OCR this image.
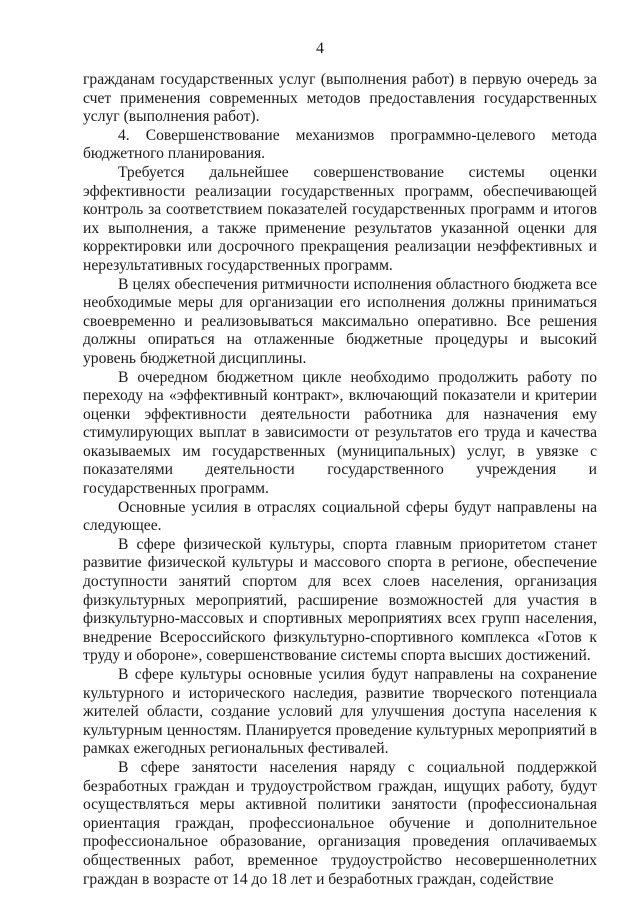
4

гражданам государственных услуг (выполнения работ) в первую очередь за счет применения современных методов предоставления государственных услуг (выполнения работ).

4. Совершенствование механизмов программно-целевого метода бюджетного планирования.

Требуется дальнейшее совершенствование системы оценки эффективности реализации государственных программ, обеспечивающей контроль за соответствием показателей государственных программ и итогов их выполнения, а также применение результатов указанной оценки для корректировки или досрочного прекращения реализации неэффективных и нерезультативных государственных программ.

В целях обеспечения ритмичности исполнения областного бюджета все необходимые меры для организации его исполнения должны приниматься своевременно и реализовываться максимально оперативно. Все решения должны опираться на отлаженные бюджетные процедуры и высокий уровень бюджетной дисциплины.

В очередном бюджетном цикле необходимо продолжить работу по переходу на «эффективный контракт», включающий показатели и критерии оценки эффективности деятельности работника для назначения ему стимулирующих выплат в зависимости от результатов его труда и качества оказываемых им государственных (муниципальных) услуг, в увязке с показателями деятельности государственного учреждения и государственных программ.

Основные усилия в отраслях социальной сферы будут направлены на следующее.

В сфере физической культуры, спорта главным приоритетом станет развитие физической культуры и массового спорта в регионе, обеспечение доступности занятий спортом для всех слоев населения, организация физкультурных мероприятий, расширение возможностей для участия в физкультурно-массовых и спортивных мероприятиях всех групп населения, внедрение Всероссийского физкультурно-спортивного комплекса «Готов к труду и обороне», совершенствование системы спорта высших достижений.

В сфере культуры основные усилия будут направлены на сохранение культурного и исторического наследия, развитие творческого потенциала жителей области, создание условий для улучшения доступа населения к культурным ценностям. Планируется проведение культурных мероприятий в рамках ежегодных региональных фестивалей.

В сфере занятости населения наряду с социальной поддержкой безработных граждан и трудоустройством граждан, ищущих работу, будут осуществляться меры активной политики занятости (профессиональная ориентация граждан, профессиональное обучение и дополнительное профессиональное образование, организация проведения оплачиваемых общественных работ, временное трудоустройство несовершеннолетних граждан в возрасте от 14 до 18 лет и безработных граждан, содействие
